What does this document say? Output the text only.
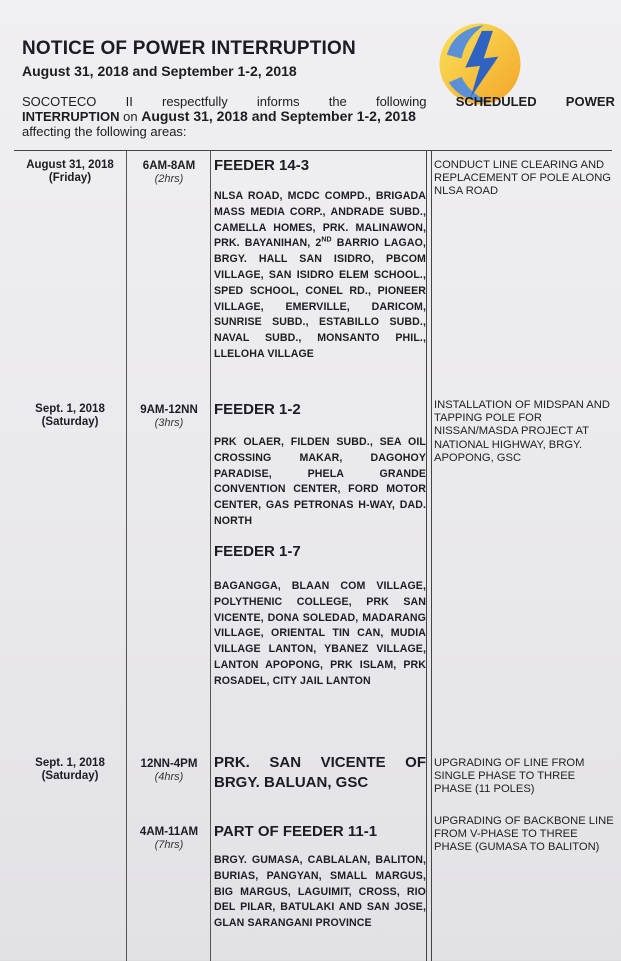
NOTICE OF POWER INTERRUPTION
August 31, 2018 and September 1-2, 2018
SOCOTECO II respectfully informs the following SCHEDULED POWER
INTERRUPTION on August 31, 2018 and September 1-2, 2018
affecting the following areas:
August 31, 2018
(Friday)
6AM-8AM
(2hrs)
FEEDER 14-3
NLSA ROAD, MCDC COMPD., BRIGADA MASS MEDIA CORP., ANDRADE SUBD., CAMELLA HOMES, PRK. MALINAWON, PRK. BAYANIHAN, 2ND BARRIO LAGAO, BRGY. HALL SAN ISIDRO, PBCOM VILLAGE, SAN ISIDRO ELEM SCHOOL., SPED SCHOOL, CONEL RD., PIONEER VILLAGE, EMERVILLE, DARICOM, SUNRISE SUBD., ESTABILLO SUBD., NAVAL SUBD., MONSANTO PHIL., LLELOHA VILLAGE
CONDUCT LINE CLEARING AND REPLACEMENT OF POLE ALONG NLSA ROAD
Sept. 1, 2018
(Saturday)
9AM-12NN
(3hrs)
FEEDER 1-2
PRK OLAER, FILDEN SUBD., SEA OIL CROSSING MAKAR, DAGOHOY PARADISE, PHELA GRANDE CONVENTION CENTER, FORD MOTOR CENTER, GAS PETRONAS H-WAY, DAD. NORTH
FEEDER 1-7
BAGANGGA, BLAAN COM VILLAGE, POLYTHENIC COLLEGE, PRK SAN VICENTE, DONA SOLEDAD, MADARANG VILLAGE, ORIENTAL TIN CAN, MUDIA VILLAGE LANTON, YBANEZ VILLAGE, LANTON APOPONG, PRK ISLAM, PRK ROSADEL, CITY JAIL LANTON
INSTALLATION OF MIDSPAN AND TAPPING POLE FOR NISSAN/MASDA PROJECT AT NATIONAL HIGHWAY, BRGY. APOPONG, GSC
Sept. 1, 2018
(Saturday)
12NN-4PM
(4hrs)
PRK. SAN VICENTE OF BRGY. BALUAN, GSC
UPGRADING OF LINE FROM SINGLE PHASE TO THREE PHASE (11 POLES)
4AM-11AM
(7hrs)
PART OF FEEDER 11-1
BRGY. GUMASA, CABLALAN, BALITON, BURIAS, PANGYAN, SMALL MARGUS, BIG MARGUS, LAGUIMIT, CROSS, RIO DEL PILAR, BATULAKI AND SAN JOSE, GLAN SARANGANI PROVINCE
UPGRADING OF BACKBONE LINE FROM V-PHASE TO THREE PHASE (GUMASA TO BALITON)
